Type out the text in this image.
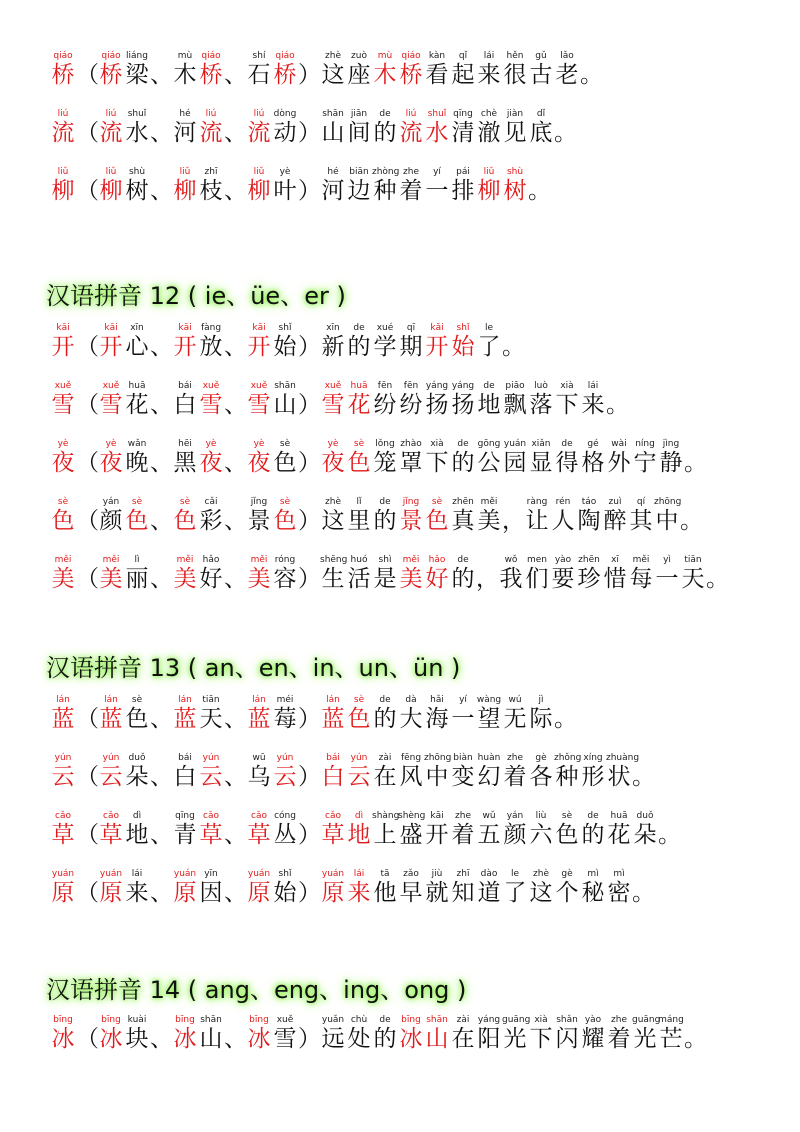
qiáo
桥 （
qiáo
桥
liáng
梁 、
mù
木
qiáo
桥 、
shí
石
qiáo
桥 ）
zhè
这
zuò
座
mù
木
qiáo
桥
kàn
看
qǐ
起
lái
来
hěn
很
gǔ
古
lǎo
老 。
liú
流 （
liú
流
shuǐ
水 、
hé
河
liú
流 、
liú
流
dòng
动 ）
shān
山
jiān
间
de
的
liú
流
shuǐ
水
qīng
清
chè
澈
jiàn
见
dǐ
底 。
liǔ
柳 （
liǔ
柳
shù
树 、
liǔ
柳
zhī
枝 、
liǔ
柳
yè
叶 ）
hé
河
biān
边
zhòng
种
zhe
着
yí
一
pái
排
liǔ
柳
shù
树 。
汉语拼音 12 ( ie、üe、er )
kāi
开 （
kāi
开
xīn
心 、
kāi
开
fàng
放 、
kāi
开
shǐ
始 ）
xīn
新
de
的
xué
学
qī
期
kāi
开
shǐ
始
le
了 。
xuě
雪 （
xuě
雪
huā
花 、
bái
白
xuě
雪 、
xuě
雪
shān
山 ）
xuě
雪
huā
花
fēn
纷
fēn
纷
yáng
扬
yáng
扬
de
地
piāo
飘
luò
落
xià
下
lái
来 。
yè
夜 （
yè
夜
wǎn
晚 、
hēi
黑
yè
夜 、
yè
夜
sè
色 ）
yè
夜
sè
色
lǒng
笼
zhào
罩
xià
下
de
的
gōng
公
yuán
园
xiǎn
显
de
得
gé
格
wài
外
níng
宁
jìng
静 。
sè
色 （
yán
颜
sè
色 、
sè
色
cǎi
彩 、
jǐng
景
sè
色 ）
zhè
这
lǐ
里
de
的
jǐng
景
sè
色
zhēn
真
měi
美 ，
ràng
让
rén
人
táo
陶
zuì
醉
qí
其
zhōng
中 。
měi
美 （
měi
美
lì
丽 、
měi
美
hǎo
好 、
měi
美
róng
容 ）
shēng
生
huó
活
shì
是
měi
美
hǎo
好
de
的 ，
wǒ
我
men
们
yào
要
zhēn
珍
xī
惜
měi
每
yì
一
tiān
天 。
汉语拼音 13 ( an、en、in、un、ün )
lán
蓝 （
lán
蓝
sè
色 、
lán
蓝
tiān
天 、
lán
蓝
méi
莓 ）
lán
蓝
sè
色
de
的
dà
大
hǎi
海
yí
一
wàng
望
wú
无
jì
际 。
yún
云 （
yún
云
duǒ
朵 、
bái
白
yún
云 、
wū
乌
yún
云 ）
bái
白
yún
云
zài
在
fēng
风
zhōng
中
biàn
变
huàn
幻
zhe
着
gè
各
zhǒng
种
xíng
形
zhuàng
状 。
cǎo
草 （
cǎo
草
dì
地 、
qīng
青
cǎo
草 、
cǎo
草
cóng
丛 ）
cǎo
草
dì
地
shàng
上
shèng
盛
kāi
开
zhe
着
wǔ
五
yán
颜
liù
六
sè
色
de
的
huā
花
duǒ
朵 。
yuán
原 （
yuán
原
lái
来 、
yuán
原
yīn
因 、
yuán
原
shǐ
始 ）
yuán
原
lái
来
tā
他
zǎo
早
jiù
就
zhī
知
dào
道
le
了
zhè
这
gè
个
mì
秘
mì
密 。
汉语拼音 14 ( ang、eng、ing、ong )
bīng
冰 （
bīng
冰
kuài
块 、
bīng
冰
shān
山 、
bīng
冰
xuě
雪 ）
yuǎn
远
chù
处
de
的
bīng
冰
shān
山
zài
在
yáng
阳
guāng
光
xià
下
shǎn
闪
yào
耀
zhe
着
guāng
光
máng
芒 。
